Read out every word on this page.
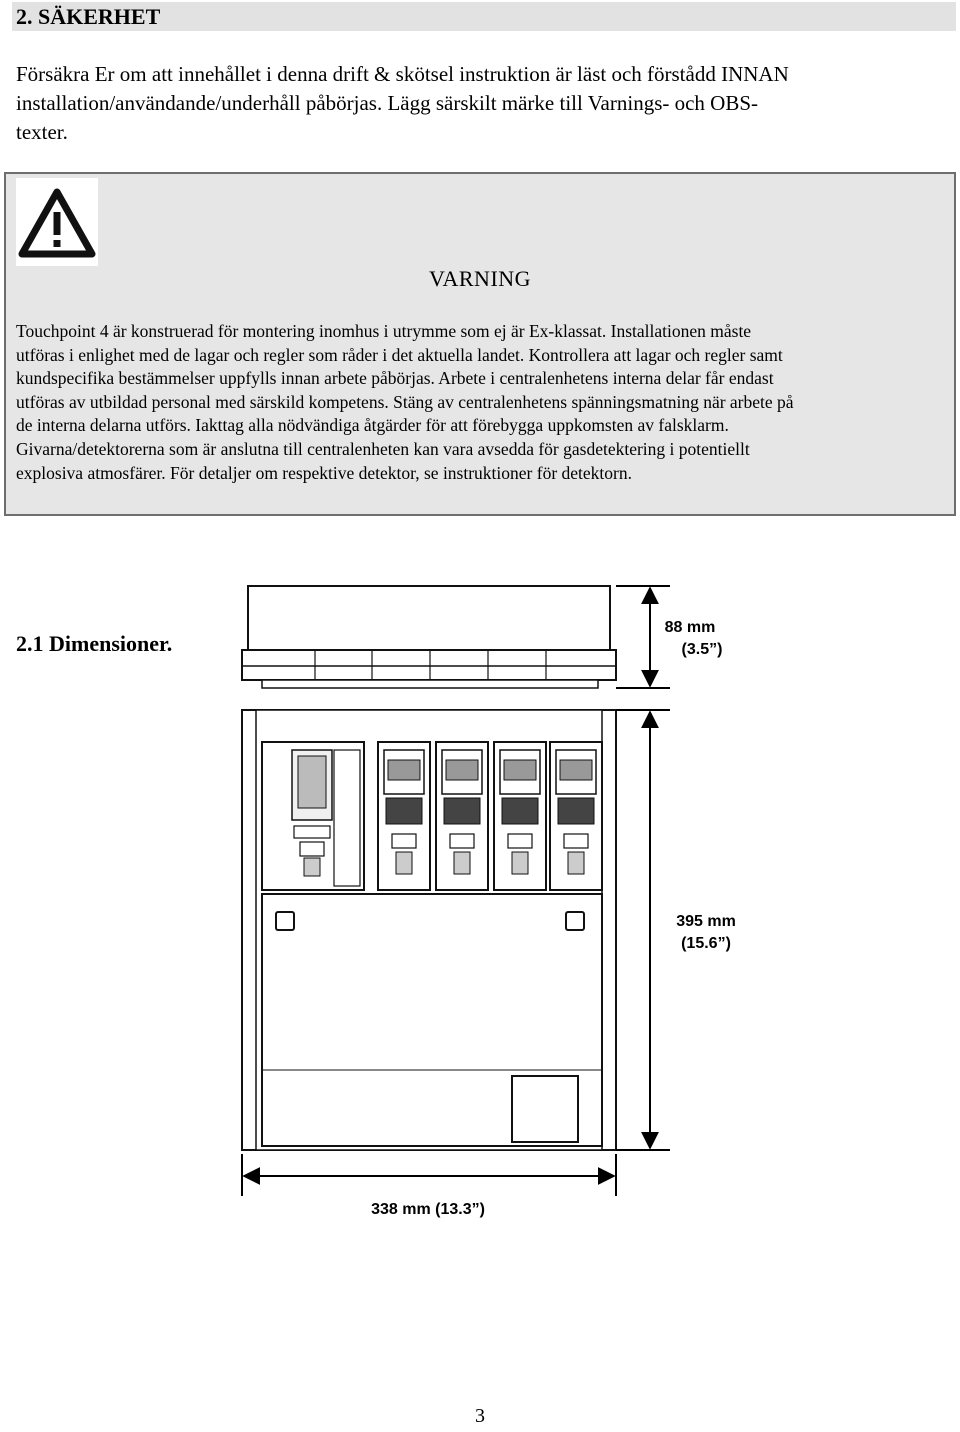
2. SÄKERHET

Försäkra Er om att innehållet i denna drift & skötsel instruktion är läst och förstådd INNAN
installation/användande/underhåll påbörjas. Lägg särskilt märke till Varnings- och OBS-
texter.

VARNING

Touchpoint 4 är konstruerad för montering inomhus i utrymme som ej är Ex-klassat. Installationen måste
utföras i enlighet med de lagar och regler som råder i det aktuella landet. Kontrollera att lagar och regler samt
kundspecifika bestämmelser uppfylls innan arbete påbörjas. Arbete i centralenhetens interna delar får endast
utföras av utbildad personal med särskild kompetens. Stäng av centralenhetens spänningsmatning när arbete på
de interna delarna utförs. Iakttag alla nödvändiga åtgärder för att förebygga uppkomsten av falsklarm.
Givarna/detektorerna som är anslutna till centralenheten kan vara avsedda för gasdetektering i potentiellt
explosiva atmosfärer. För detaljer om respektive detektor, se instruktioner för detektorn.

2.1 Dimensioner.
88 mm
(3.5”)
395 mm
(15.6”)
338 mm (13.3”)
3
